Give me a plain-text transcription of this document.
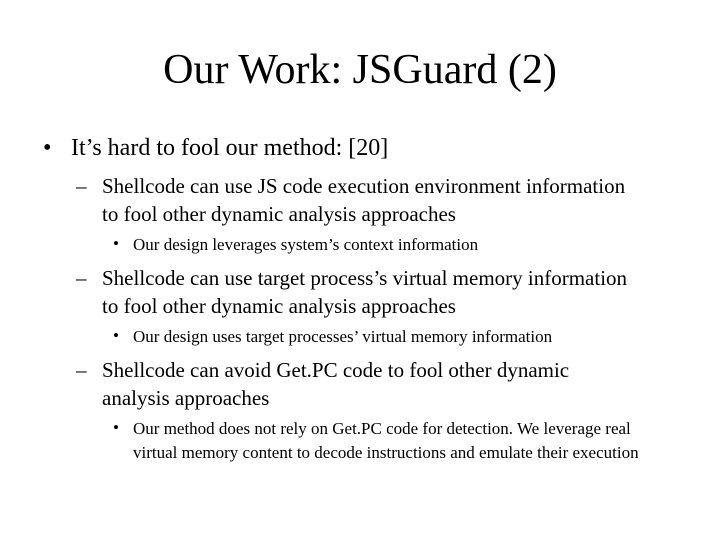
Our Work: JSGuard (2)
• It’s hard to fool our method: [20]
– Shellcode can use JS code execution environment information to fool other dynamic analysis approaches
• Our design leverages system’s context information
– Shellcode can use target process’s virtual memory information to fool other dynamic analysis approaches
• Our design uses target processes’ virtual memory information
– Shellcode can avoid Get.PC code to fool other dynamic analysis approaches
• Our method does not rely on Get.PC code for detection. We leverage real virtual memory content to decode instructions and emulate their execution
